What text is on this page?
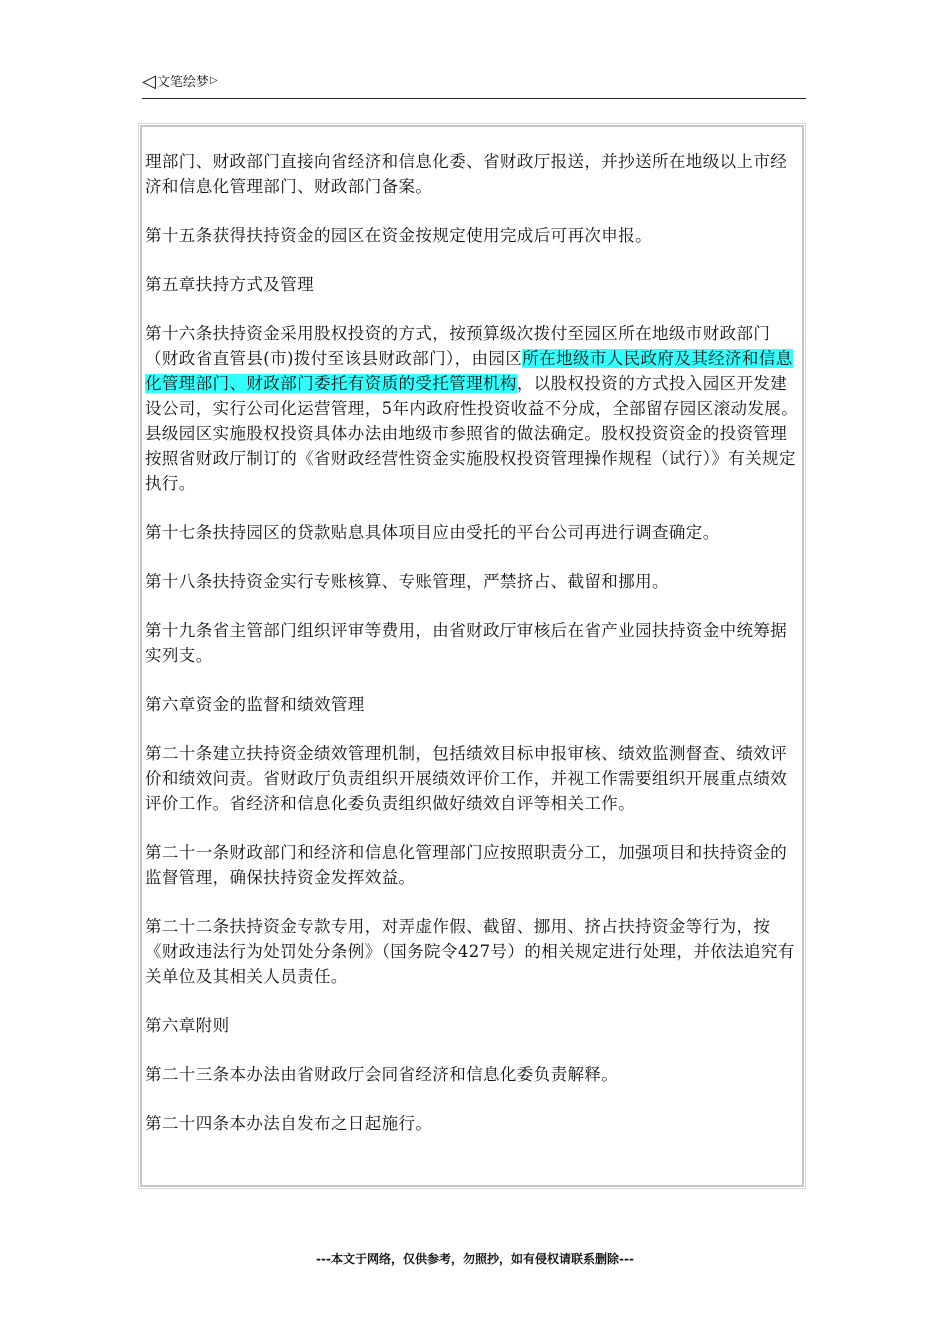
◁ 文笔绘梦 ▷

理部门、财政部门直接向省经济和信息化委、省财政厅报送，并抄送所在地级以上市经济和信息化管理部门、财政部门备案。

第十五条获得扶持资金的园区在资金按规定使用完成后可再次申报。

第五章扶持方式及管理

第十六条扶持资金采用股权投资的方式，按预算级次拨付至园区所在地级市财政部门（财政省直管县(市)拨付至该县财政部门），由园区所在地级市人民政府及其经济和信息化管理部门、财政部门委托有资质的受托管理机构，以股权投资的方式投入园区开发建设公司，实行公司化运营管理，5年内政府性投资收益不分成，全部留存园区滚动发展。县级园区实施股权投资具体办法由地级市参照省的做法确定。股权投资资金的投资管理按照省财政厅制订的《省财政经营性资金实施股权投资管理操作规程（试行）》有关规定执行。

第十七条扶持园区的贷款贴息具体项目应由受托的平台公司再进行调查确定。

第十八条扶持资金实行专账核算、专账管理，严禁挤占、截留和挪用。

第十九条省主管部门组织评审等费用，由省财政厅审核后在省产业园扶持资金中统筹据实列支。

第六章资金的监督和绩效管理

第二十条建立扶持资金绩效管理机制，包括绩效目标申报审核、绩效监测督查、绩效评价和绩效问责。省财政厅负责组织开展绩效评价工作，并视工作需要组织开展重点绩效评价工作。省经济和信息化委负责组织做好绩效自评等相关工作。

第二十一条财政部门和经济和信息化管理部门应按照职责分工，加强项目和扶持资金的监督管理，确保扶持资金发挥效益。

第二十二条扶持资金专款专用，对弄虚作假、截留、挪用、挤占扶持资金等行为，按《财政违法行为处罚处分条例》（国务院令427号）的相关规定进行处理，并依法追究有关单位及其相关人员责任。

第六章附则

第二十三条本办法由省财政厅会同省经济和信息化委负责解释。

第二十四条本办法自发布之日起施行。

---本文于网络，仅供参考，勿照抄，如有侵权请联系删除---
